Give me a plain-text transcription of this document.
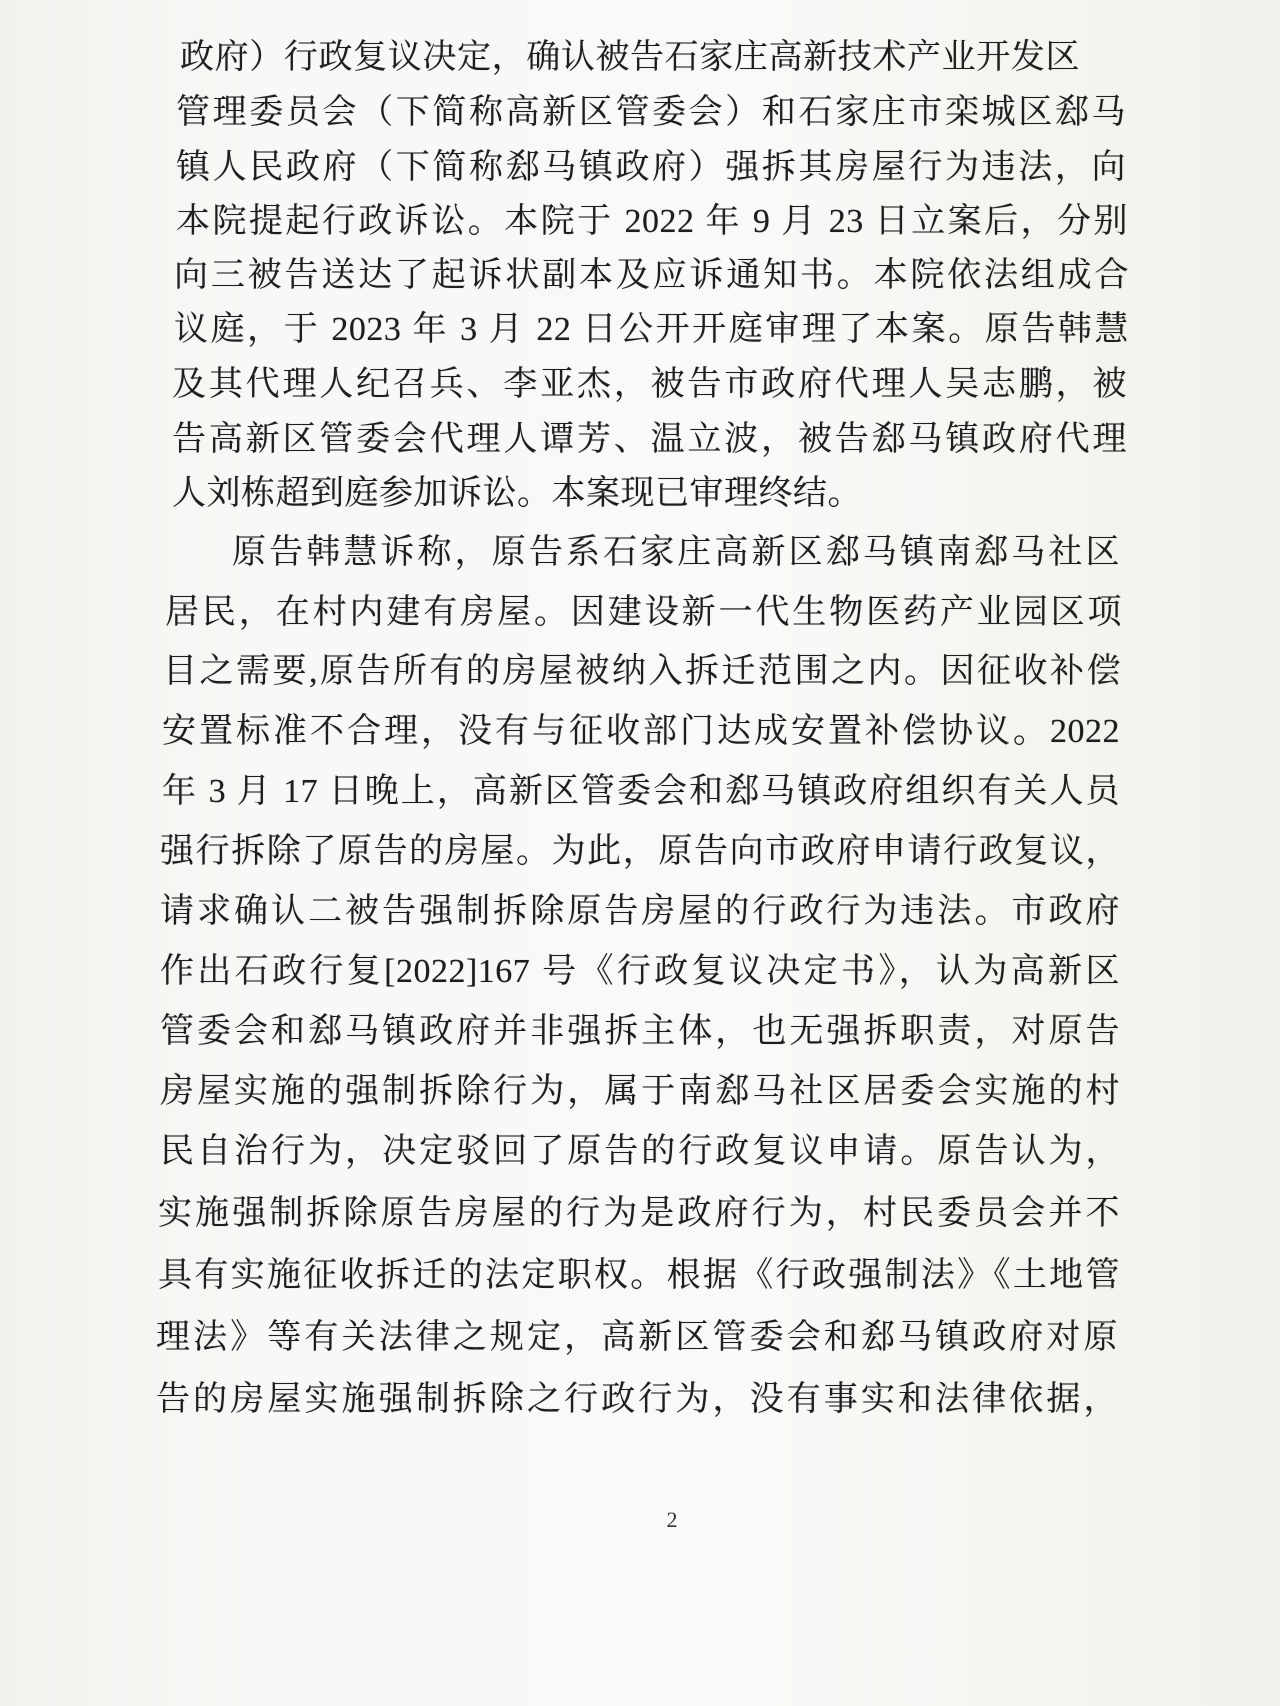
政府）行政复议决定，确认被告石家庄高新技术产业开发区
管理委员会（下简称高新区管委会）和石家庄市栾城区郄马
镇人民政府（下简称郄马镇政府）强拆其房屋行为违法，向
本院提起行政诉讼。本院于 2022 年 9 月 23 日立案后，分别
向三被告送达了起诉状副本及应诉通知书。本院依法组成合
议庭，于 2023 年 3 月 22 日公开开庭审理了本案。原告韩慧
及其代理人纪召兵、李亚杰，被告市政府代理人吴志鹏，被
告高新区管委会代理人谭芳、温立波，被告郄马镇政府代理
人刘栋超到庭参加诉讼。本案现已审理终结。
原告韩慧诉称，原告系石家庄高新区郄马镇南郄马社区
居民，在村内建有房屋。因建设新一代生物医药产业园区项
目之需要,原告所有的房屋被纳入拆迁范围之内。因征收补偿
安置标准不合理，没有与征收部门达成安置补偿协议。2022
年 3 月 17 日晚上，高新区管委会和郄马镇政府组织有关人员
强行拆除了原告的房屋。为此，原告向市政府申请行政复议，
请求确认二被告强制拆除原告房屋的行政行为违法。市政府
作出石政行复[2022]167 号《行政复议决定书》，认为高新区
管委会和郄马镇政府并非强拆主体，也无强拆职责，对原告
房屋实施的强制拆除行为，属于南郄马社区居委会实施的村
民自治行为，决定驳回了原告的行政复议申请。原告认为，
实施强制拆除原告房屋的行为是政府行为，村民委员会并不
具有实施征收拆迁的法定职权。根据《行政强制法》《土地管
理法》等有关法律之规定，高新区管委会和郄马镇政府对原
告的房屋实施强制拆除之行政行为，没有事实和法律依据，
2
